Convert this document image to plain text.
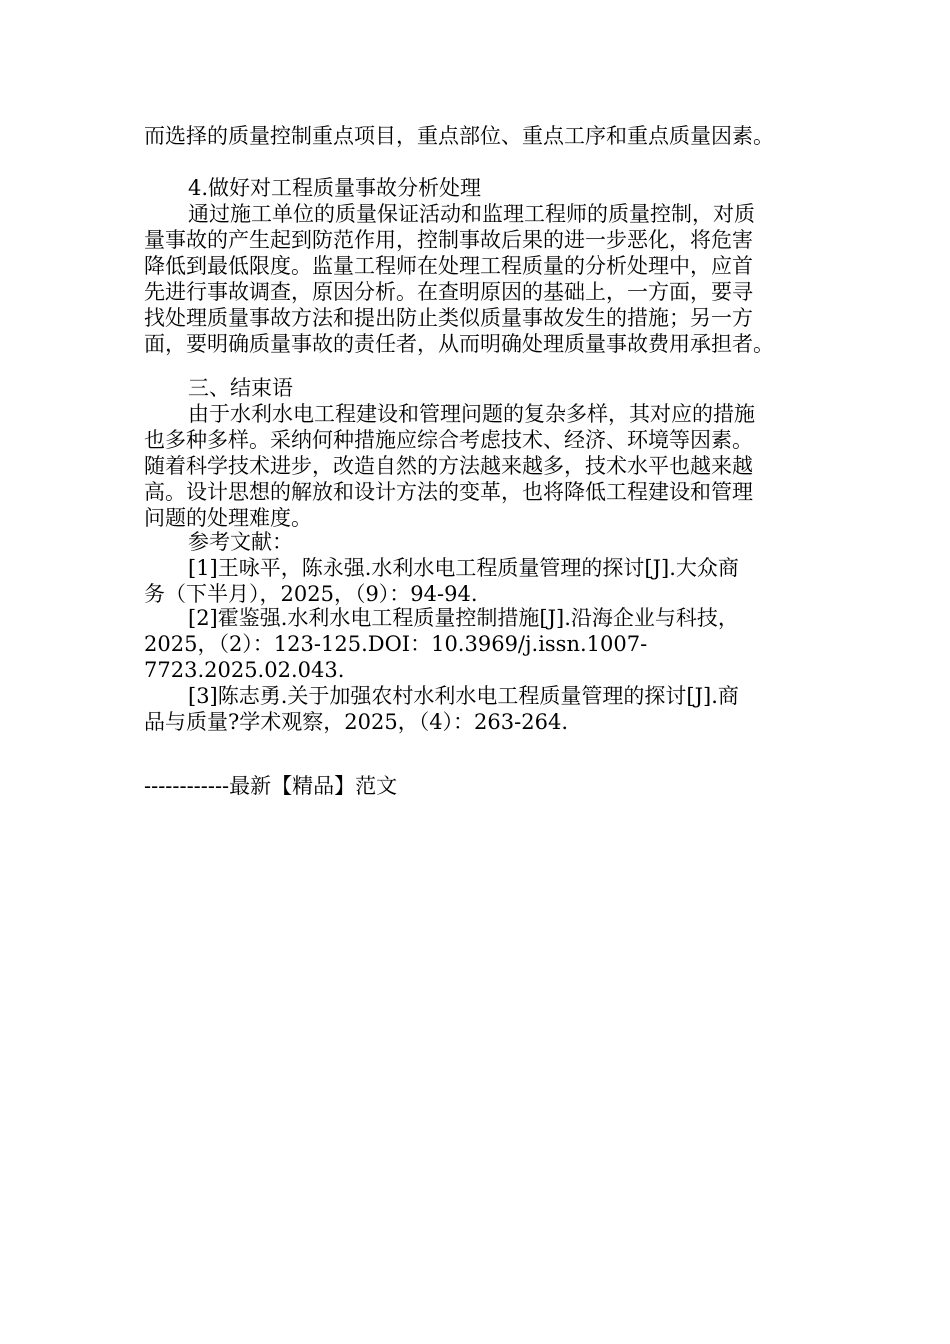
而选择的质量控制重点项目，重点部位、重点工序和重点质量因素。
4.做好对工程质量事故分析处理
通过施工单位的质量保证活动和监理工程师的质量控制，对质
量事故的产生起到防范作用，控制事故后果的进一步恶化，将危害
降低到最低限度。监量工程师在处理工程质量的分析处理中，应首
先进行事故调查，原因分析。在查明原因的基础上，一方面，要寻
找处理质量事故方法和提出防止类似质量事故发生的措施；另一方
面，要明确质量事故的责任者，从而明确处理质量事故费用承担者。
三、结束语
由于水利水电工程建设和管理问题的复杂多样，其对应的措施
也多种多样。采纳何种措施应综合考虑技术、经济、环境等因素。
随着科学技术进步，改造自然的方法越来越多，技术水平也越来越
高。设计思想的解放和设计方法的变革，也将降低工程建设和管理
问题的处理难度。
参考文献：
[1]王咏平，陈永强.水利水电工程质量管理的探讨[J].大众商
务（下半月），2025，（9）：94-94.
[2]霍鉴强.水利水电工程质量控制措施[J].沿海企业与科技，
2025，（2）：123-125.DOI：10.3969/j.issn.1007-
7723.2025.02.043.
[3]陈志勇.关于加强农村水利水电工程质量管理的探讨[J].商
品与质量?学术观察，2025，（4）：263-264.
------------最新【精品】范文
